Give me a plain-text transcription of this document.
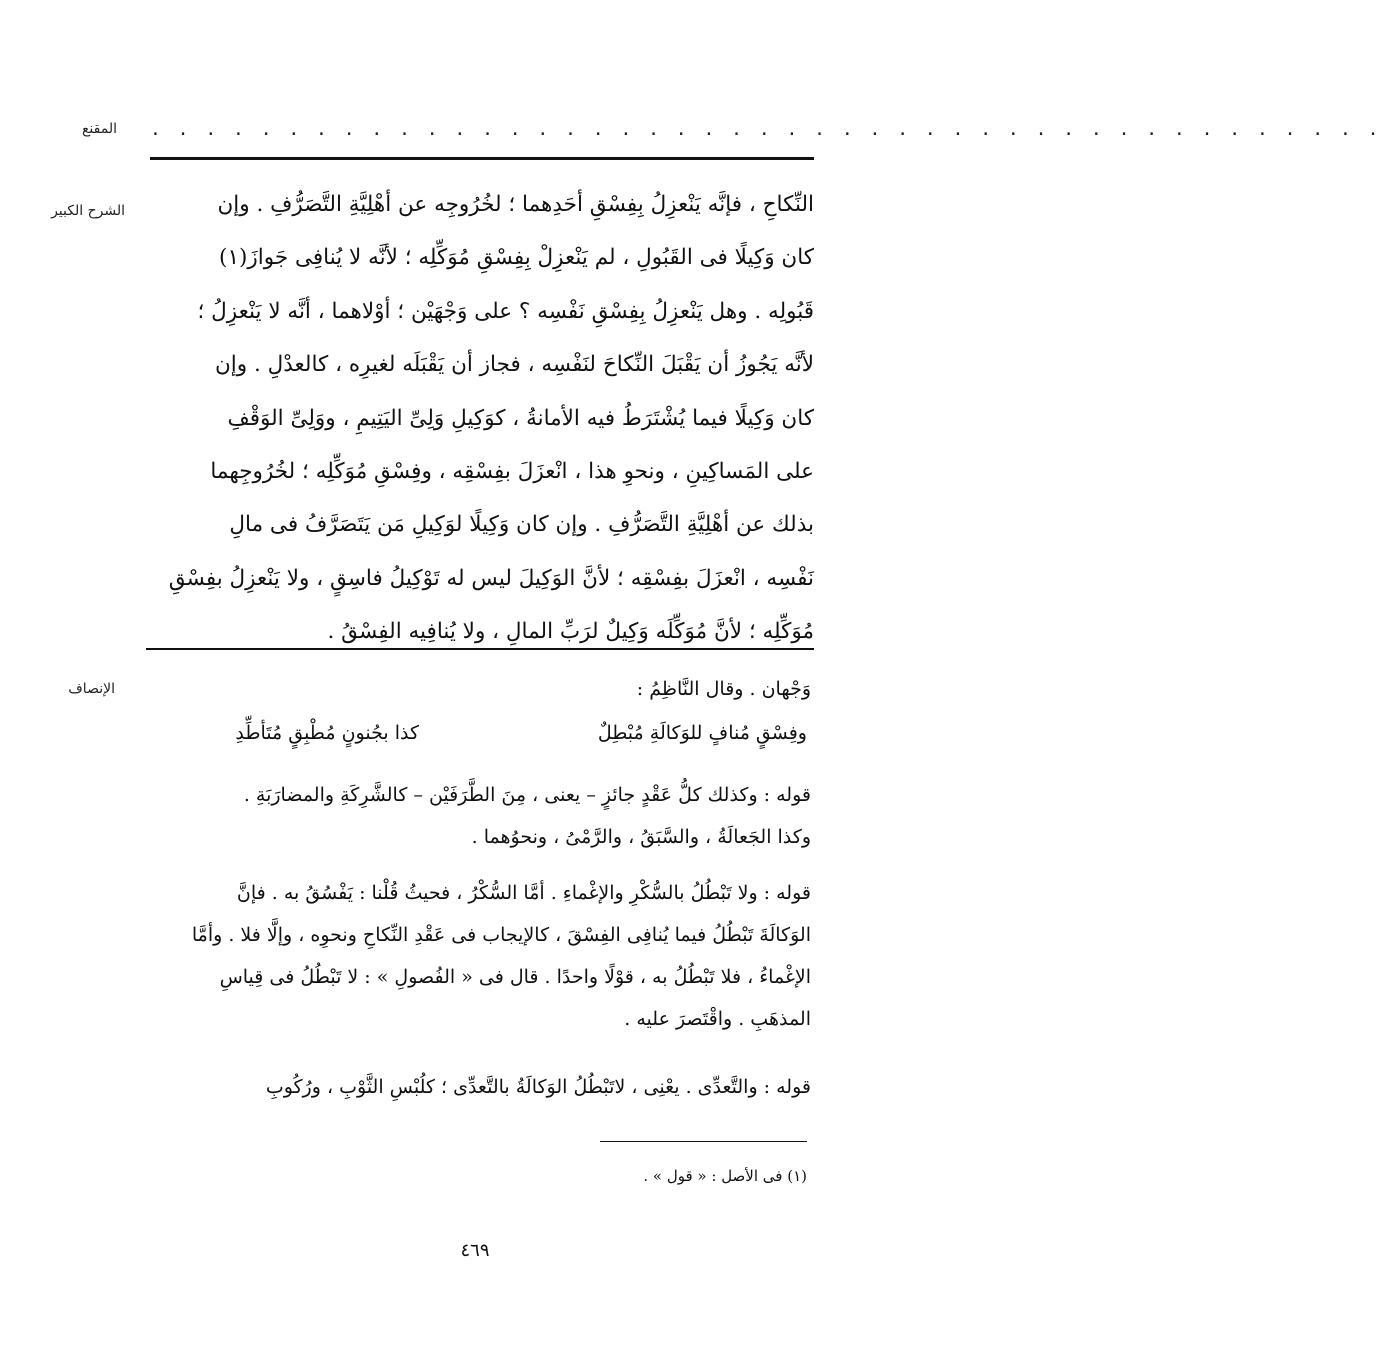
المقنع . . . . . . . . . . . . . . . . . . . . . . . . . . . . . . . . . . . . . . . . . . . . .
الشرح الكبير	النِّكاحِ ، فإنَّه يَنْعزِلُ بِفِسْقِ أحَدِهما ؛ لخُرُوجِه عن أهْلِيَّةِ التَّصَرُّفِ . وإن

كان وَكِيلًا فى القَبُولِ ، لم يَنْعزِلْ بِفِسْقِ مُوَكِّلِه ؛ لأنَّه لا يُنافِى جَوازَ(١)

قَبُولِه . وهل يَنْعزِلُ بِفِسْقِ نَفْسِه ؟ على وَجْهَيْن ؛ أوْلاهما ، أنَّه لا يَنْعزِلُ ؛

لأنَّه يَجُوزُ أن يَقْبَلَ النِّكاحَ لنَفْسِه ، فجاز أن يَقْبَلَه لغيرِه ، كالعدْلِ . وإن

كان وَكِيلًا فيما يُشْتَرَطُ فيه الأمانةُ ، كوَكِيلِ وَلِىِّ اليَتِيمِ ، ووَلِىِّ الوَقْفِ

على المَساكِينِ ، ونحوِ هذا ، انْعزَلَ بفِسْقِه ، وفِسْقِ مُوَكِّلِه ؛ لخُرُوجِهما

بذلك عن أهْلِيَّةِ التَّصَرُّفِ . وإن كان وَكِيلًا لوَكِيلِ مَن يَتَصَرَّفُ فى مالِ

نَفْسِه ، انْعزَلَ بفِسْقِه ؛ لأنَّ الوَكِيلَ ليس له تَوْكِيلُ فاسِقٍ ، ولا يَنْعزِلُ بفِسْقِ

مُوَكِّلِه ؛ لأنَّ مُوَكِّلَه وَكِيلٌ لرَبِّ المالِ ، ولا يُنافِيه الفِسْقُ .

الإنصاف	وَجْهان . وقال النَّاظِمُ :
وفِسْقٍ مُنافٍ للوَكالَةِ مُبْطِلٌ
كذا بجُنونٍ مُطْبِقٍ مُتَأطِّدِ

قوله : وكذلك كلُّ عَقْدٍ جائزٍ – يعنى ، مِنَ الطَّرَفَيْن – كالشَّرِكَةِ والمضارَبَةِ .

وكذا الجَعالَةُ ، والسَّبَقُ ، والرَّمْىُ ، ونحوُهما .

قوله : ولا تَبْطُلُ بالسُّكْرِ والإغْماءِ . أمَّا السُّكْرُ ، فحيثُ قُلْنا : يَفْسُقُ به . فإنَّ

الوَكالَةَ تَبْطُلُ فيما يُنافِى الفِسْقَ ، كالإيجاب فى عَقْدِ النِّكاحِ ونحوِه ، وإلَّا فلا . وأمَّا

الإغْماءُ ، فلا تَبْطُلُ به ، قوْلًا واحدًا . قال فى « الفُصولِ » : لا تَبْطُلُ فى قِياسِ

المذهَبِ . واقْتَصرَ عليه .

قوله : والتَّعدِّى . يعْنِى ، لاتَبْطُلُ الوَكالَةُ بالتَّعدِّى ؛ كلُبْسِ الثَّوْبِ ، ورُكُوبِ

(١) فى الأصل : « قول » .
٤٦٩
